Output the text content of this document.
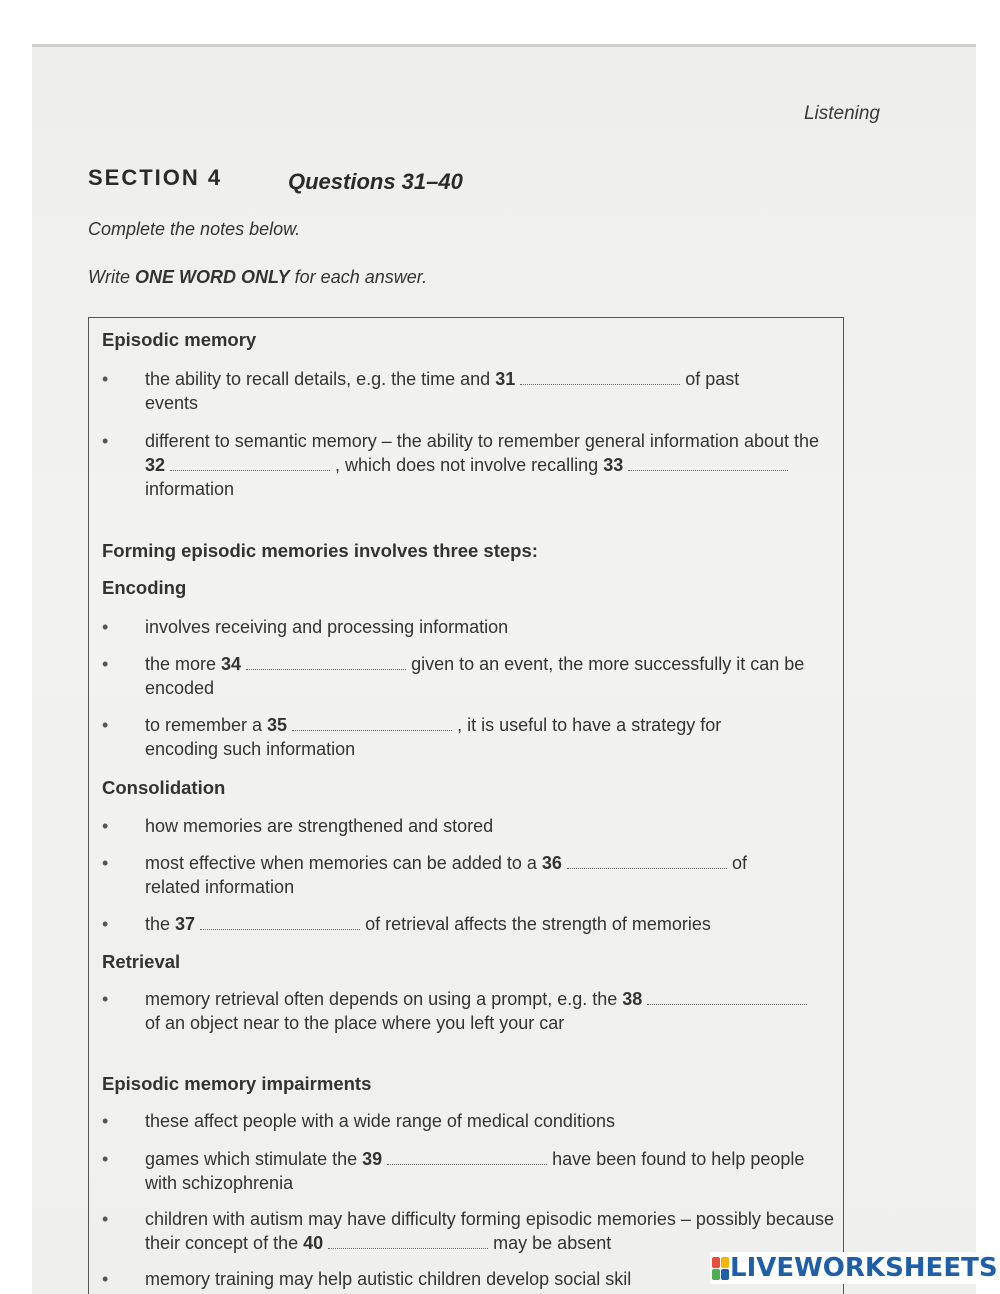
Listening
SECTION 4	Questions 31–40
Complete the notes below.
Write ONE WORD ONLY for each answer.
Episodic memory
•	the ability to recall details, e.g. the time and 31	of past events
•	different to semantic memory – the ability to remember general information about the 32	, which does not involve recalling 33  information
Forming episodic memories involves three steps:
Encoding
•	involves receiving and processing information
•	the more 34	given to an event, the more successfully it can be encoded
•	to remember a 35	, it is useful to have a strategy for encoding such information
Consolidation
•	how memories are strengthened and stored
•	most effective when memories can be added to a 36	of related information
•	the 37	of retrieval affects the strength of memories
Retrieval
•	memory retrieval often depends on using a prompt, e.g. the 38  of an object near to the place where you left your car
Episodic memory impairments
•	these affect people with a wide range of medical conditions
•	games which stimulate the 39	have been found to help people with schizophrenia
•	children with autism may have difficulty forming episodic memories – possibly because their concept of the 40	may be absent
•	memory training may help autistic children develop social skil	LIVEWORKSHEETS
